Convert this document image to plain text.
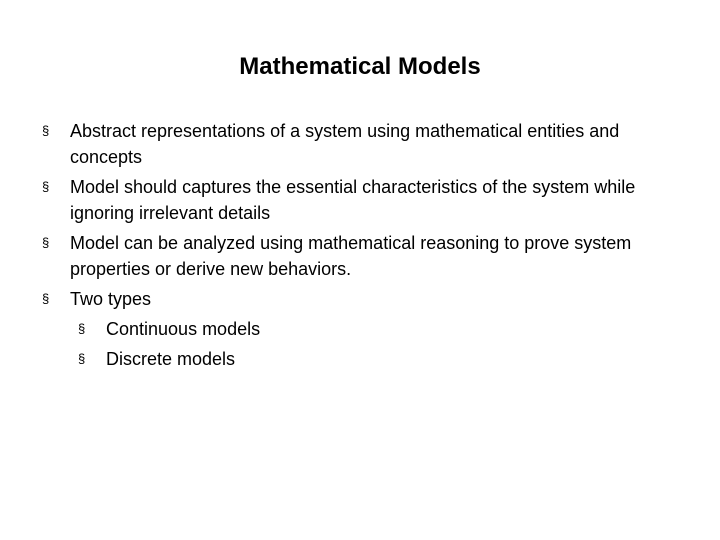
Mathematical Models
§ Abstract representations of a system using mathematical entities and concepts
§ Model should captures the essential characteristics of the system while ignoring irrelevant details
§ Model can be analyzed using mathematical reasoning to prove system properties or derive new behaviors.
§ Two types
§ Continuous models
§ Discrete models
